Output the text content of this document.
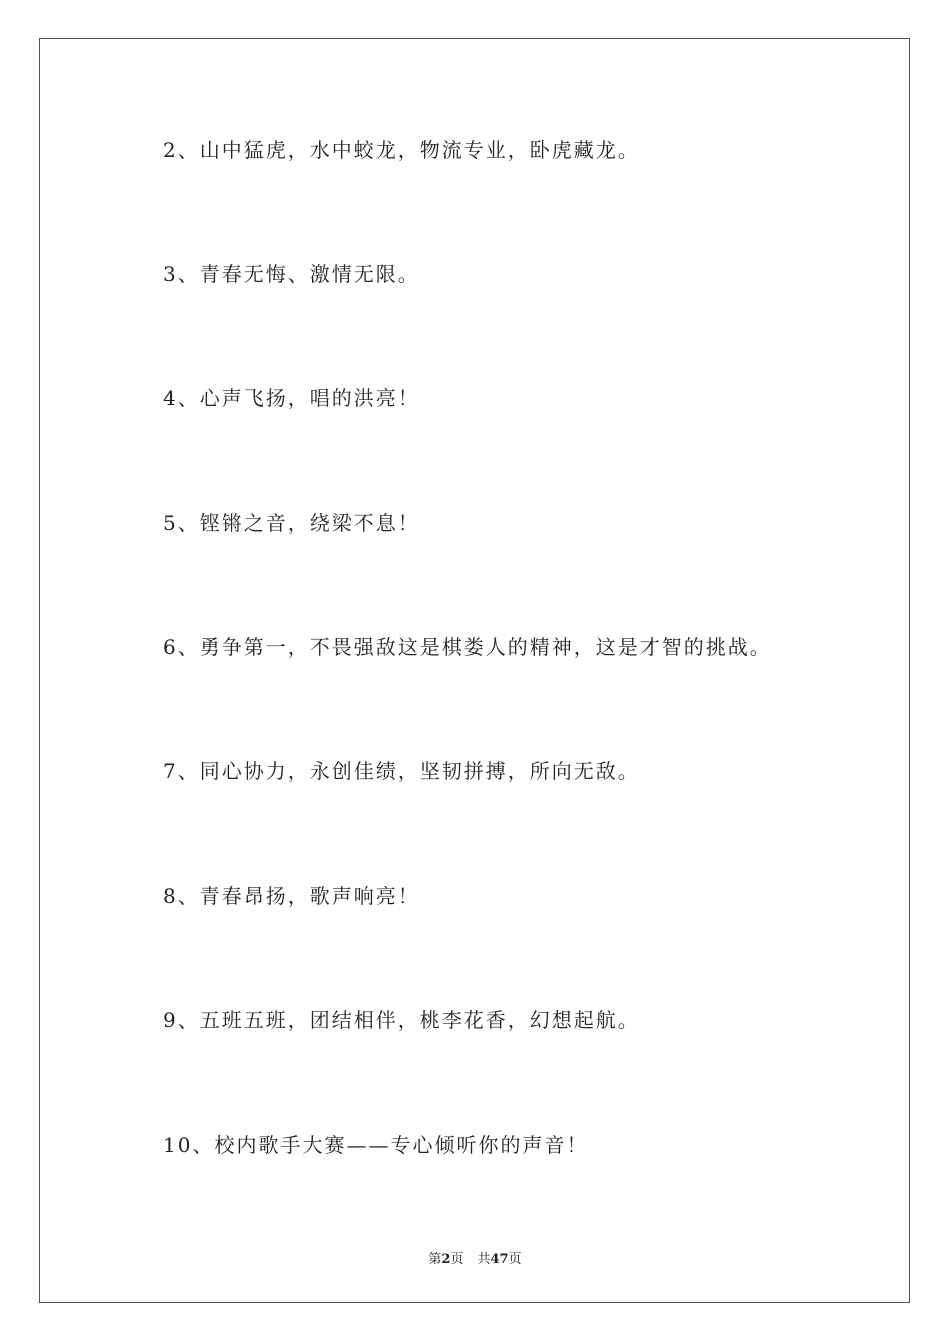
2、山中猛虎，水中蛟龙，物流专业，卧虎藏龙。
3、青春无悔、激情无限。
4、心声飞扬，唱的洪亮！
5、铿锵之音，绕梁不息！
6、勇争第一，不畏强敌这是棋娄人的精神，这是才智的挑战。
7、同心协力，永创佳绩，坚韧拼搏，所向无敌。
8、青春昂扬，歌声响亮！
9、五班五班，团结相伴，桃李花香，幻想起航。
10、校内歌手大赛——专心倾听你的声音！
第2页 共47页
